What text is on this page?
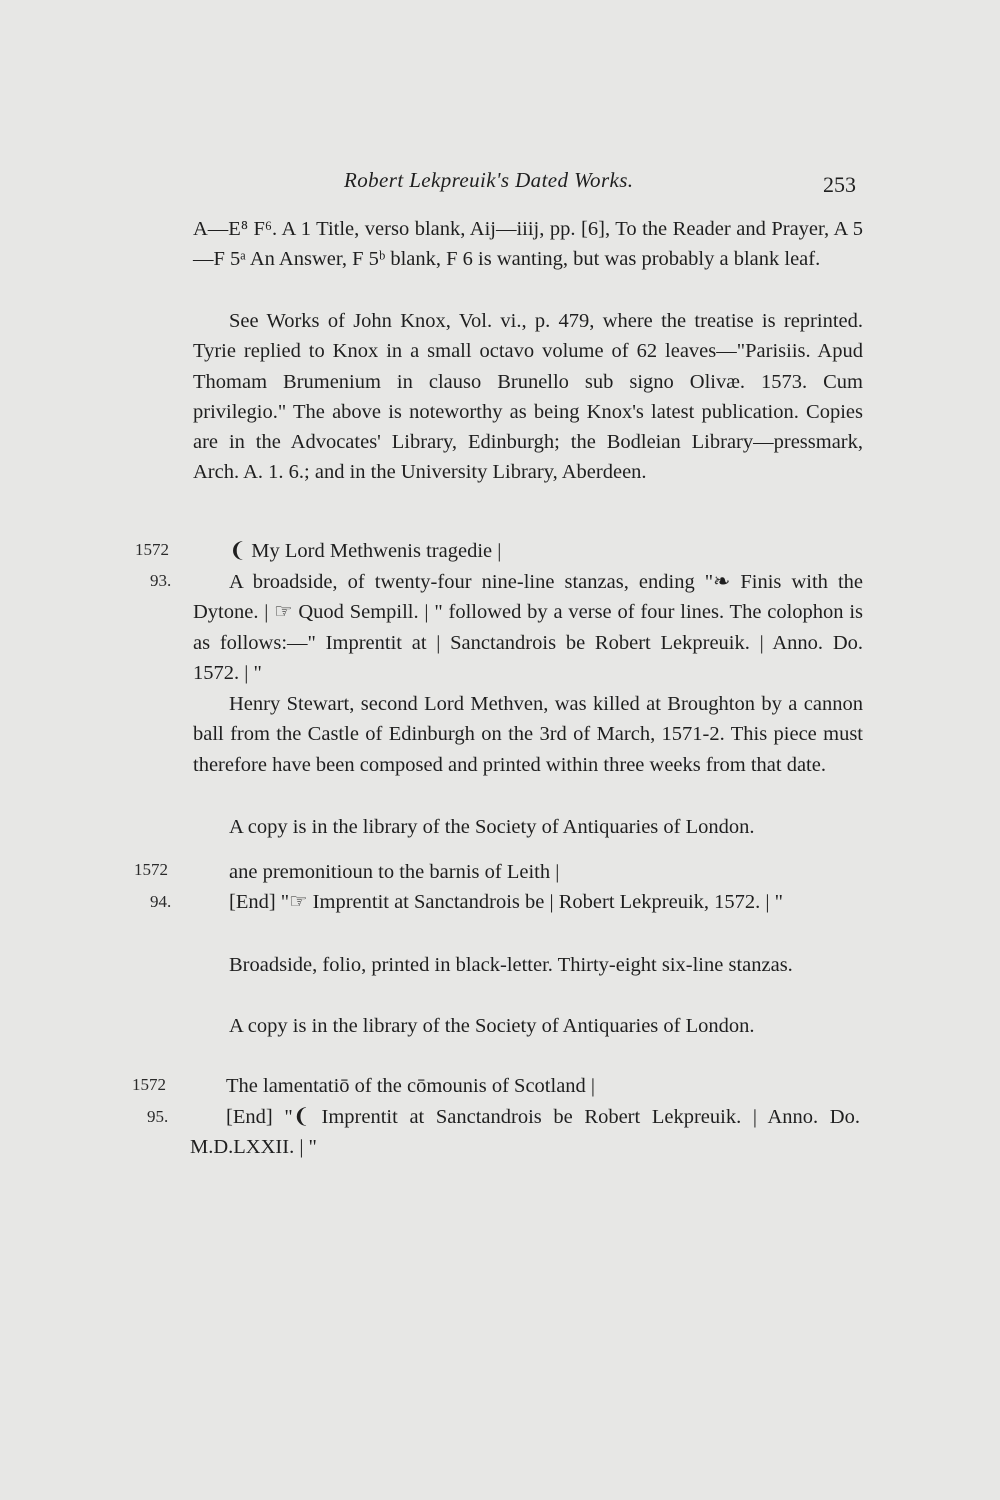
Robert Lekpreuik's Dated Works.	253

A—E⁸ F⁶. A 1 Title, verso blank, Aij—iiij, pp. [6], To the Reader and Prayer, A 5—F 5ᵃ An Answer, F 5ᵇ blank, F 6 is wanting, but was probably a blank leaf.

See Works of John Knox, Vol. vi., p. 479, where the treatise is reprinted. Tyrie replied to Knox in a small octavo volume of 62 leaves—"Parisiis. Apud Thomam Brumenium in clauso Brunello sub signo Olivæ. 1573. Cum privilegio." The above is noteworthy as being Knox's latest publication. Copies are in the Advocates' Library, Edinburgh; the Bodleian Library—pressmark, Arch. A. 1. 6.; and in the University Library, Aberdeen.

1572
93.

❨ My Lord Methwenis tragedie |

A broadside, of twenty-four nine-line stanzas, ending "❧ Finis with the Dytone. | ☞ Quod Sempill. | " followed by a verse of four lines. The colophon is as follows:—" Imprentit at | Sanctandrois be Robert Lekpreuik. | Anno. Do. 1572. | "

Henry Stewart, second Lord Methven, was killed at Broughton by a cannon ball from the Castle of Edinburgh on the 3rd of March, 1571-2. This piece must therefore have been composed and printed within three weeks from that date.

A copy is in the library of the Society of Antiquaries of London.

1572
94.

ane premonitioun to the barnis of Leith |

[End] "☞ Imprentit at Sanctandrois be | Robert Lekpreuik, 1572. | "

Broadside, folio, printed in black-letter. Thirty-eight six-line stanzas.

A copy is in the library of the Society of Antiquaries of London.

1572
95.

The lamentatiō of the cōmounis of Scotland |

[End] "❨ Imprentit at Sanctandrois be Robert Lekpreuik. | Anno. Do. M.D.LXXII. | "
